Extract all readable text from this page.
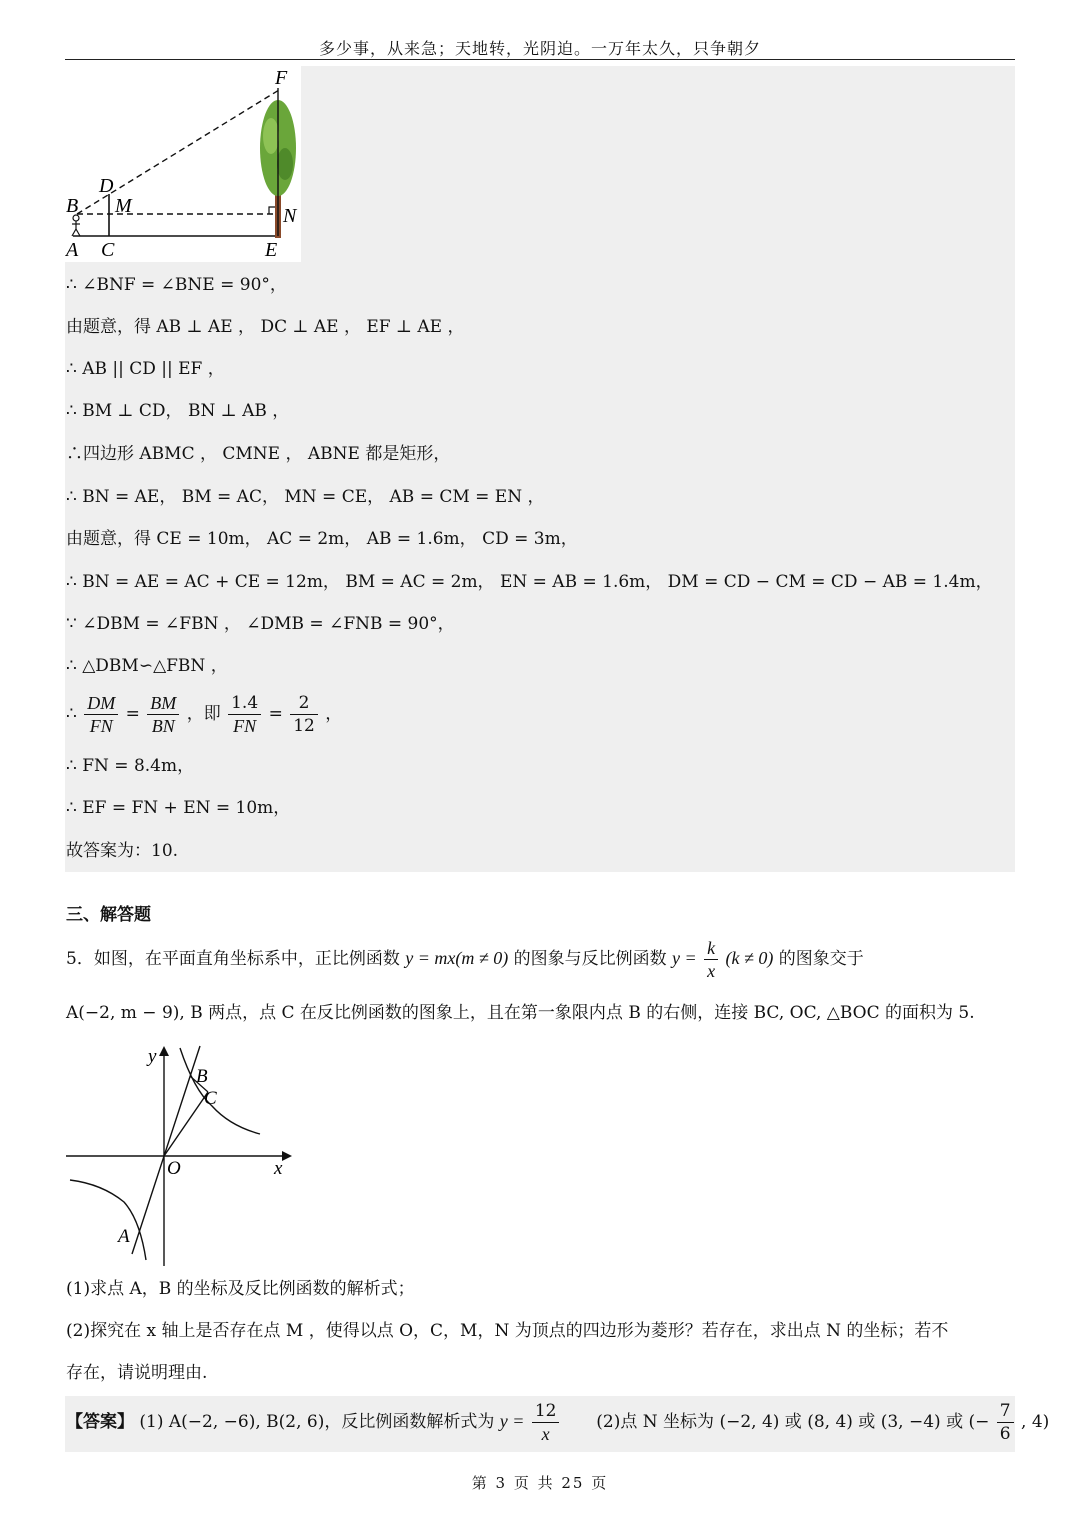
多少事，从来急；天地转，光阴迫。一万年太久，只争朝夕
F
D
B M	N
A C	E
∴ ∠BNF = ∠BNE = 90°，
由题意，得 AB ⊥ AE ， DC ⊥ AE ， EF ⊥ AE ，
∴ AB || CD || EF ，
∴ BM ⊥ CD， BN ⊥ AB ，
∴四边形 ABMC ， CMNE ， ABNE 都是矩形，
∴ BN = AE， BM = AC， MN = CE， AB = CM = EN ，
由题意，得 CE = 10m， AC = 2m， AB = 1.6m， CD = 3m，
∴ BN = AE = AC + CE = 12m， BM = AC = 2m， EN = AB = 1.6m， DM = CD − CM = CD − AB = 1.4m，
∵ ∠DBM = ∠FBN ， ∠DMB = ∠FNB = 90°，
∴ △DBM∽△FBN ，
∴ $\frac{DM}{FN} = \frac{BM}{BN}$ ，即 $\frac{1.4}{FN} = \frac{2}{12}$ ，
∴ FN = 8.4m，
∴ EF = FN + EN = 10m，
故答案为：10.
三、解答题
5．如图，在平面直角坐标系中，正比例函数 y = mx(m ≠ 0) 的图象与反比例函数 $y = \frac{k}{x} (k \ne 0)$ 的图象交于
A(−2, m − 9), B 两点，点 C 在反比例函数的图象上，且在第一象限内点 B 的右侧，连接 BC, OC, △BOC 的面积为 5.
y
x
O
B
C
A
(1)求点 A，B 的坐标及反比例函数的解析式；
(2)探究在 x 轴上是否存在点 M ，使得以点 O，C，M，N 为顶点的四边形为菱形？若存在，求出点 N 的坐标；若不
存在，请说明理由.
【答案】 (1) A(−2, −6), B(2, 6)，反比例函数解析式为 $y = \frac{12}{x} (2)$点 N 坐标为 (−2, 4) 或 (8, 4) 或 (3, −4) 或 (− $\frac{7}{6}$ , 4)
第 3 页 共 25 页
